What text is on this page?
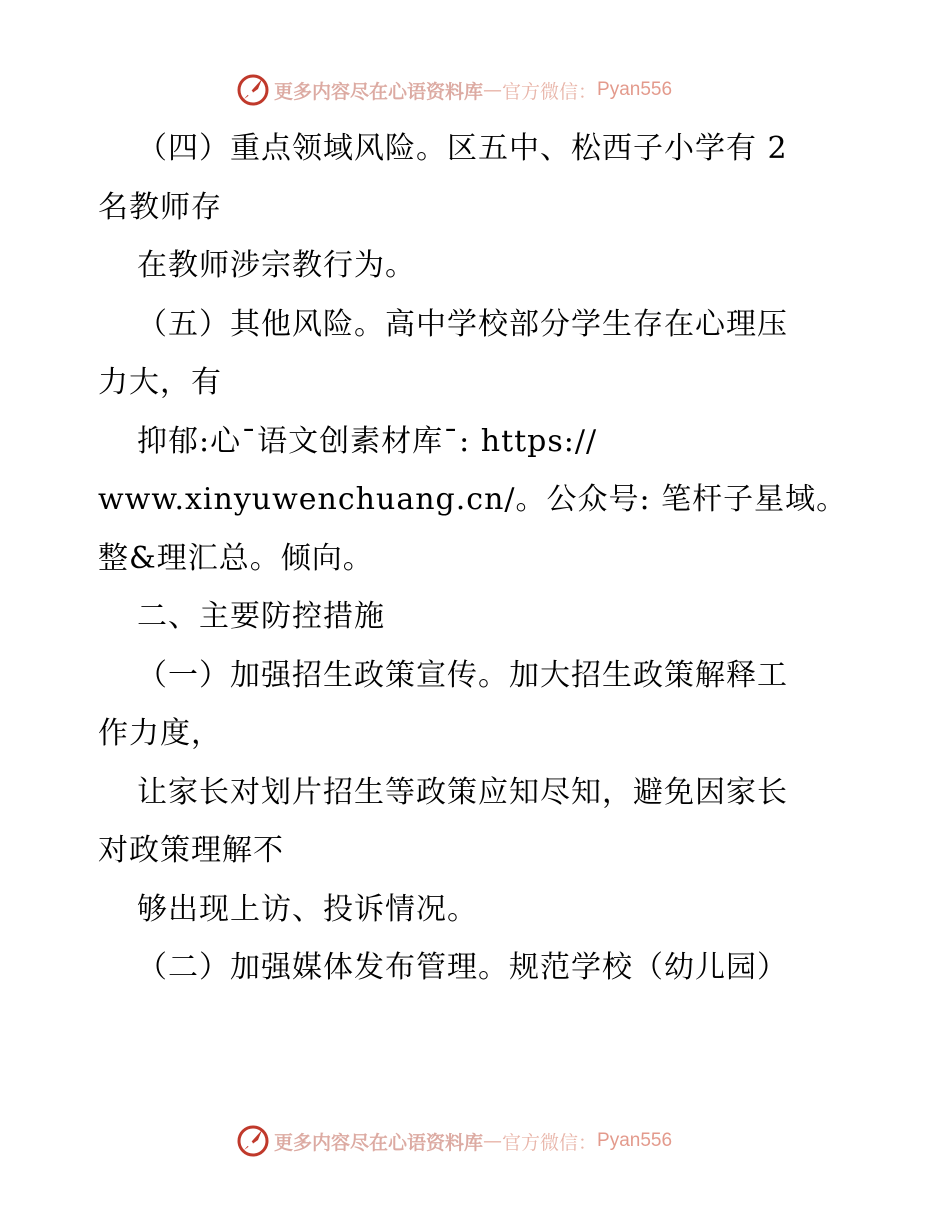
更多内容尽在心语资料库 — 官方微信： Pyan556
（四）重点领域风险。区五中、松西子小学有 2
名教师存
在教师涉宗教行为。
（五）其他风险。高中学校部分学生存在心理压
力大，有
抑郁:心¯语文创素材库¯: https://
www.xinyuwenchuang.cn/。公众号: 笔杆子星域。
整&理汇总。倾向。
二、主要防控措施
（一）加强招生政策宣传。加大招生政策解释工
作力度，
让家长对划片招生等政策应知尽知，避免因家长
对政策理解不
够出现上访、投诉情况。
（二）加强媒体发布管理。规范学校（幼儿园）
更多内容尽在心语资料库 — 官方微信： Pyan556
